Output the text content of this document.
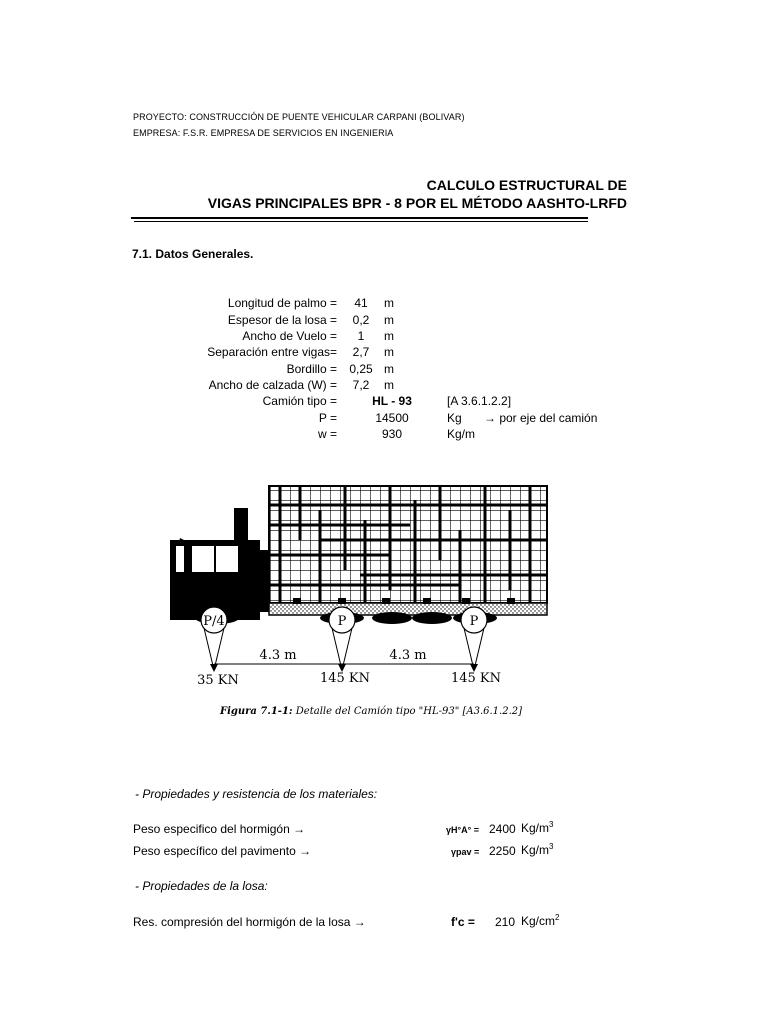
PROYECTO: CONSTRUCCIÓN DE PUENTE VEHICULAR CARPANI (BOLIVAR)
EMPRESA: F.S.R. EMPRESA DE SERVICIOS EN INGENIERIA
CALCULO ESTRUCTURAL DE
VIGAS PRINCIPALES BPR - 8 POR EL MÉTODO AASHTO-LRFD
7.1. Datos Generales.
Longitud de palmo =	41	m
Espesor de la losa =	0,2	m
Ancho de Vuelo =	1	m
Separación entre vigas=	2,7	m
Bordillo =	0,25 m
Ancho de calzada (W) =	7,2	m
Camión tipo =	HL - 93	[A 3.6.1.2.2]
P =	14500	Kg → por eje del camión
w =	930	Kg/m
P/4	P	P
4.3 m	4.3 m
35 KN	145 KN	145 KN
Figura 7.1-1: Detalle del Camión tipo "HL-93" [A3.6.1.2.2]
- Propiedades y resistencia de los materiales:
Peso especifico del hormigón →	γH°A° = 2400 $Kg/m^3$
Peso específico del pavimento →	γpav = 2250 $Kg/m^3$
- Propiedades de la losa:
Res. compresión del hormigón de la losa →	f'c = 210 $Kg/cm^2$
